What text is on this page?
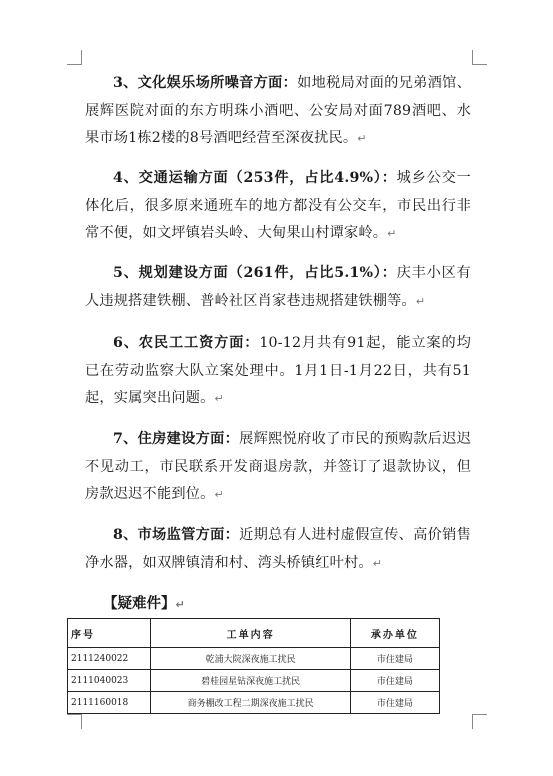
3、文化娱乐场所噪音方面：如地税局对面的兄弟酒馆、展辉医院对面的东方明珠小酒吧、公安局对面789酒吧、水果市场1栋2楼的8号酒吧经营至深夜扰民。↵

4、交通运输方面（253件，占比4.9%）：城乡公交一体化后，很多原来通班车的地方都没有公交车，市民出行非常不便，如文坪镇岩头岭、大甸果山村谭家岭。↵

5、规划建设方面（261件，占比5.1%）：庆丰小区有人违规搭建铁棚、普岭社区肖家巷违规搭建铁棚等。↵

6、农民工工资方面：10-12月共有91起，能立案的均已在劳动监察大队立案处理中。1月1日-1月22日，共有51起，实属突出问题。↵

7、住房建设方面：展辉熙悦府收了市民的预购款后迟迟不见动工，市民联系开发商退房款，并签订了退款协议，但房款迟迟不能到位。↵

8、市场监管方面：近期总有人进村虚假宣传、高价销售净水器，如双牌镇清和村、湾头桥镇红叶村。↵

【疑难件】↵

序号	工单内容	承办单位
2111240022	乾浦大院深夜施工扰民	市住建局
2111040023	碧桂园星钻深夜施工扰民	市住建局
2111160018	商务棚改工程二期深夜施工扰民	市住建局
